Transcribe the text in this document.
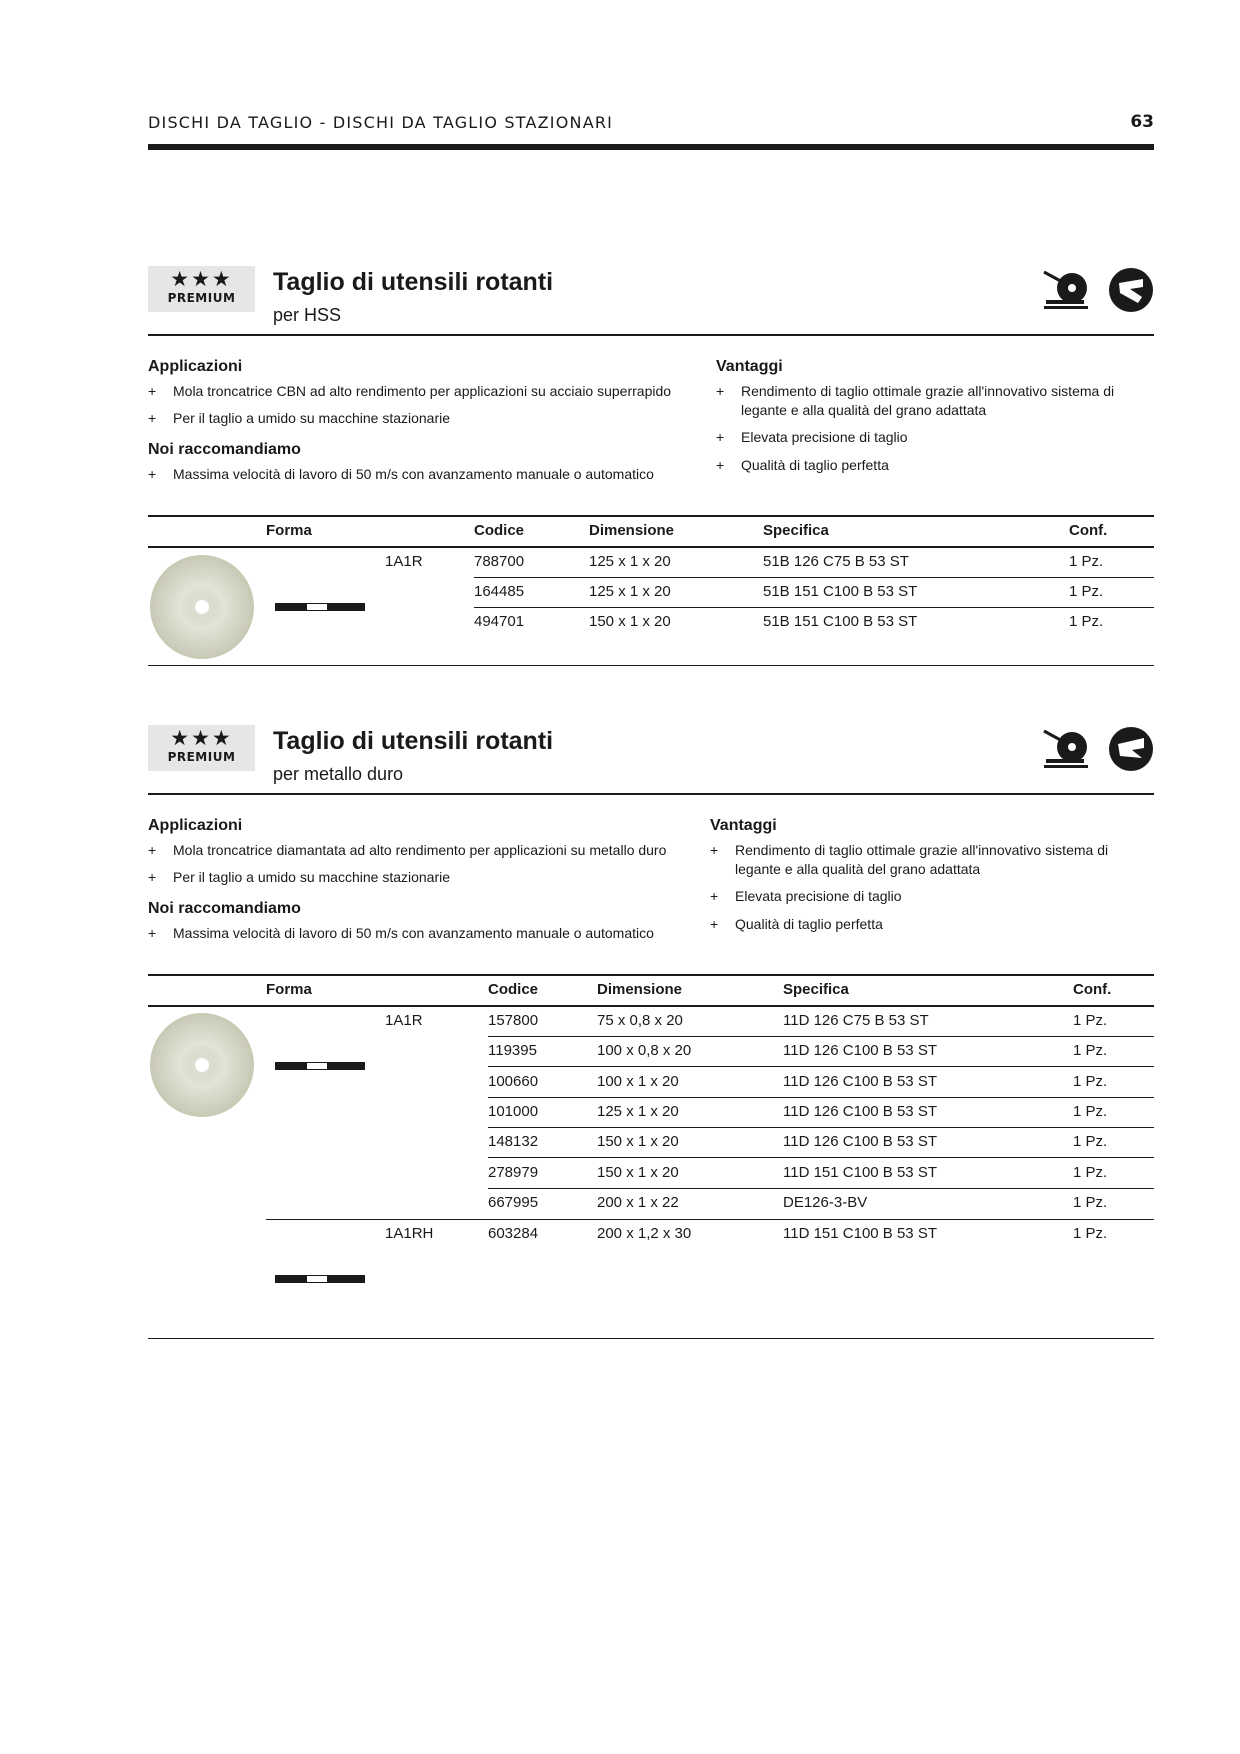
DISCHI DA TAGLIO - DISCHI DA TAGLIO STAZIONARI	63
★★★
PREMIUM
Taglio di utensili rotanti
per HSS
Applicazioni
+	Mola troncatrice CBN ad alto rendimento per applicazioni su acciaio superrapido
+	Per il taglio a umido su macchine stazionarie
Noi raccomandiamo
+	Massima velocità di lavoro di 50 m/s con avanzamento manuale o automatico
Vantaggi
+	Rendimento di taglio ottimale grazie all'innovativo sistema di legante e alla qualità del grano adattata
+	Elevata precisione di taglio
+	Qualità di taglio perfetta
Forma	Codice	Dimensione	Specifica	Conf.
1A1R	788700	125 x 1 x 20	51B 126 C75 B 53 ST	1 Pz.
164485	125 x 1 x 20	51B 151 C100 B 53 ST	1 Pz.
494701	150 x 1 x 20	51B 151 C100 B 53 ST	1 Pz.
★★★
PREMIUM
Taglio di utensili rotanti
per metallo duro
Applicazioni
+	Mola troncatrice diamantata ad alto rendimento per applicazioni su metallo duro
+	Per il taglio a umido su macchine stazionarie
Noi raccomandiamo
+	Massima velocità di lavoro di 50 m/s con avanzamento manuale o automatico
Vantaggi
+	Rendimento di taglio ottimale grazie all'innovativo sistema di legante e alla qualità del grano adattata
+	Elevata precisione di taglio
+	Qualità di taglio perfetta
Forma	Codice	Dimensione	Specifica	Conf.
1A1R	157800	75 x 0,8 x 20	11D 126 C75 B 53 ST	1 Pz.
119395	100 x 0,8 x 20	11D 126 C100 B 53 ST	1 Pz.
100660	100 x 1 x 20	11D 126 C100 B 53 ST	1 Pz.
101000	125 x 1 x 20	11D 126 C100 B 53 ST	1 Pz.
148132	150 x 1 x 20	11D 126 C100 B 53 ST	1 Pz.
278979	150 x 1 x 20	11D 151 C100 B 53 ST	1 Pz.
667995	200 x 1 x 22	DE126-3-BV	1 Pz.
1A1RH	603284	200 x 1,2 x 30	11D 151 C100 B 53 ST	1 Pz.
